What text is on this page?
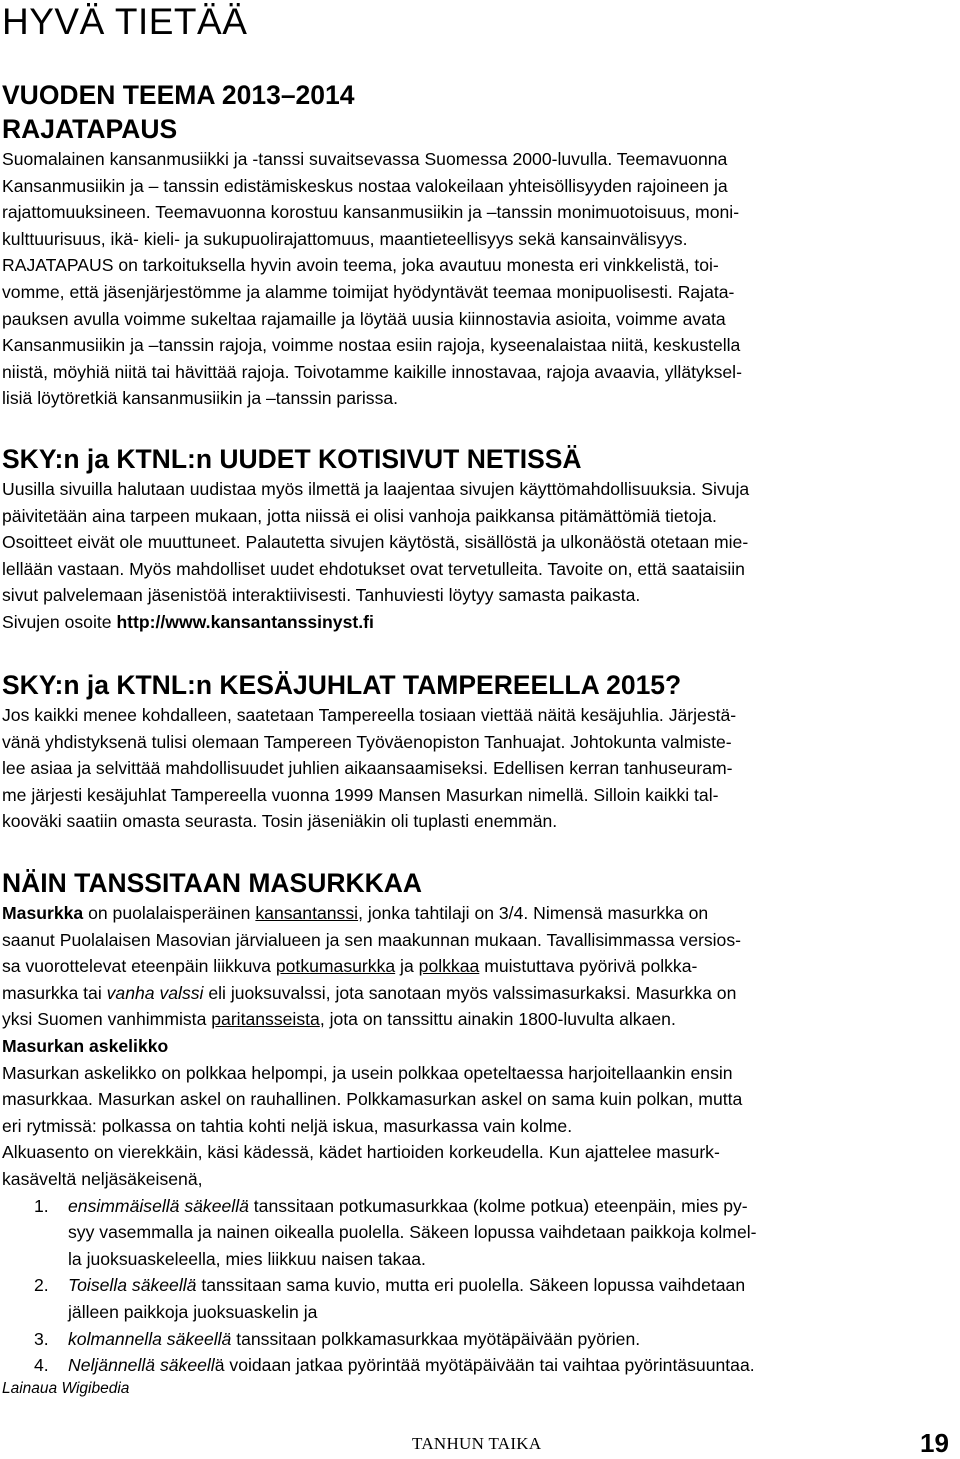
HYVÄ TIETÄÄ
VUODEN TEEMA 2013–2014
RAJATAPAUS
Suomalainen kansanmusiikki ja -tanssi suvaitsevassa Suomessa 2000-luvulla. Teemavuonna
Kansanmusiikin ja – tanssin edistämiskeskus nostaa valokeilaan yhteisöllisyyden rajoineen ja
rajattomuuksineen. Teemavuonna korostuu kansanmusiikin ja –tanssin monimuotoisuus, moni-
kulttuurisuus, ikä- kieli- ja sukupuolirajattomuus, maantieteellisyys sekä kansainvälisyys.
RAJATAPAUS on tarkoituksella hyvin avoin teema, joka avautuu monesta eri vinkkelistä, toi-
vomme, että jäsenjärjestömme ja alamme toimijat hyödyntävät teemaa monipuolisesti. Rajata-
pauksen avulla voimme sukeltaa rajamaille ja löytää uusia kiinnostavia asioita, voimme avata
Kansanmusiikin ja –tanssin rajoja, voimme nostaa esiin rajoja, kyseenalaistaa niitä, keskustella
niistä, möyhiä niitä tai hävittää rajoja. Toivotamme kaikille innostavaa, rajoja avaavia, yllätyksel-
lisiä löytöretkiä kansanmusiikin ja –tanssin parissa.
SKY:n ja KTNL:n UUDET KOTISIVUT NETISSÄ
Uusilla sivuilla halutaan uudistaa myös ilmettä ja laajentaa sivujen käyttömahdollisuuksia. Sivuja
päivitetään aina tarpeen mukaan, jotta niissä ei olisi vanhoja paikkansa pitämättömiä tietoja.
Osoitteet eivät ole muuttuneet. Palautetta sivujen käytöstä, sisällöstä ja ulkonäöstä otetaan mie-
lellään vastaan. Myös mahdolliset uudet ehdotukset ovat tervetulleita. Tavoite on, että saataisiin
sivut palvelemaan jäsenistöä interaktiivisesti. Tanhuviesti löytyy samasta paikasta.
Sivujen osoite http://www.kansantanssinyst.fi
SKY:n ja KTNL:n KESÄJUHLAT TAMPEREELLA 2015?
Jos kaikki menee kohdalleen, saatetaan Tampereella tosiaan viettää näitä kesäjuhlia. Järjestä-
vänä yhdistyksenä tulisi olemaan Tampereen Työväenopiston Tanhuajat. Johtokunta valmiste-
lee asiaa ja selvittää mahdollisuudet juhlien aikaansaamiseksi. Edellisen kerran tanhuseuram-
me järjesti kesäjuhlat Tampereella vuonna 1999 Mansen Masurkan nimellä. Silloin kaikki tal-
kooväki saatiin omasta seurasta. Tosin jäseniäkin oli tuplasti enemmän.
NÄIN TANSSITAAN MASURKKAA
Masurkka on puolalaisperäinen kansantanssi, jonka tahtilaji on 3/4. Nimensä masurkka on
saanut Puolalaisen Masovian järvialueen ja sen maakunnan mukaan. Tavallisimmassa versios-
sa vuorottelevat eteenpäin liikkuva potkumasurkka ja polkkaa muistuttava pyörivä polkka-
masurkka tai vanha valssi eli juoksuvalssi, jota sanotaan myös valssimasurkaksi. Masurkka on
yksi Suomen vanhimmista paritansseista, jota on tanssittu ainakin 1800-luvulta alkaen.
Masurkan askelikko
Masurkan askelikko on polkkaa helpompi, ja usein polkkaa opeteltaessa harjoitellaankin ensin
masurkkaa. Masurkan askel on rauhallinen. Polkkamasurkan askel on sama kuin polkan, mutta
eri rytmissä: polkassa on tahtia kohti neljä iskua, masurkassa vain kolme.
Alkuasento on vierekkäin, käsi kädessä, kädet hartioiden korkeudella. Kun ajattelee masurk-
kasäveltä neljäsäkeisenä,
1. ensimmäisellä säkeellä tanssitaan potkumasurkkaa (kolme potkua) eteenpäin, mies py-
syy vasemmalla ja nainen oikealla puolella. Säkeen lopussa vaihdetaan paikkoja kolmel-
la juoksuaskeleella, mies liikkuu naisen takaa.
2. Toisella säkeellä tanssitaan sama kuvio, mutta eri puolella. Säkeen lopussa vaihdetaan
jälleen paikkoja juoksuaskelin ja
3. kolmannella säkeellä tanssitaan polkkamasurkkaa myötäpäivään pyörien.
4. Neljännellä säkeellä voidaan jatkaa pyörintää myötäpäivään tai vaihtaa pyörintäsuuntaa.
Lainaua Wigibedia
TANHUN TAIKA	19
